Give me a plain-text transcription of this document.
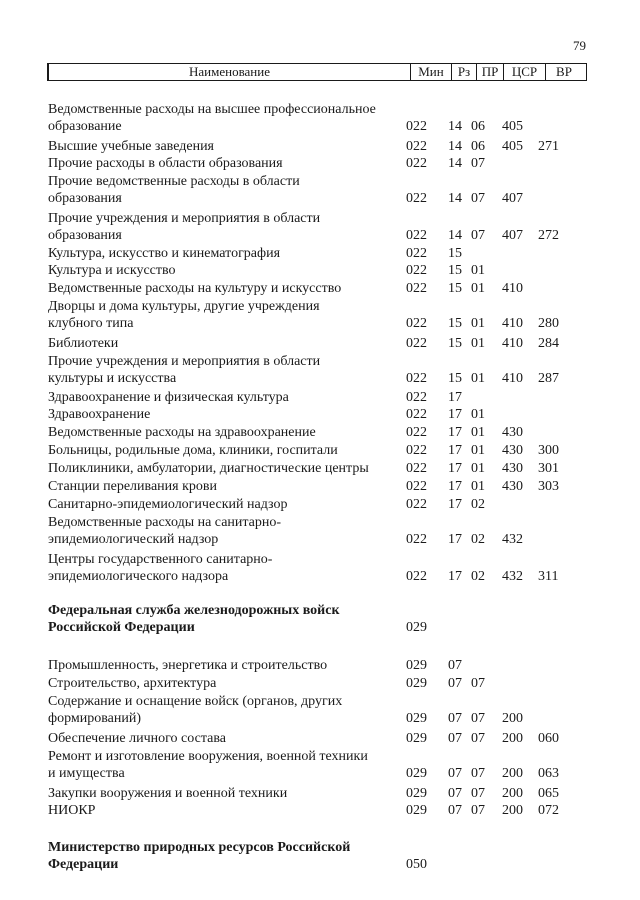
79
Наименование	Мин	Рз ПР	ЦСР	ВР
Ведомственные расходы на высшее профессиональное
образование	022 14 06 405
Высшие учебные заведения	022 14 06 405 271
Прочие расходы в области образования	022 14 07
Прочие ведомственные расходы в области
образования	022 14 07 407
Прочие учреждения и мероприятия в области
образования	022 14 07 407 272
Культура, искусство и кинематография	022 15
Культура и искусство	022 15 01
Ведомственные расходы на культуру и искусство	022 15 01 410
Дворцы и дома культуры, другие учреждения
клубного типа	022 15 01 410 280
Библиотеки	022 15 01 410 284
Прочие учреждения и мероприятия в области
культуры и искусства	022 15 01 410 287
Здравоохранение и физическая культура	022 17
Здравоохранение	022 17 01
Ведомственные расходы на здравоохранение	022 17 01 430
Больницы, родильные дома, клиники, госпитали	022 17 01 430 300
Поликлиники, амбулатории, диагностические центры	022 17 01 430 301
Станции переливания крови	022 17 01 430 303
Санитарно-эпидемиологический надзор	022 17 02
Ведомственные расходы на санитарно-
эпидемиологический надзор	022 17 02 432
Центры государственного санитарно-
эпидемиологического надзора	022 17 02 432 311
Федеральная служба железнодорожных войск
Российской Федерации	029
Промышленность, энергетика и строительство	029 07
Строительство, архитектура	029 07 07
Содержание и оснащение войск (органов, других
формирований)	029 07 07 200
Обеспечение личного состава	029 07 07 200 060
Ремонт и изготовление вооружения, военной техники
и имущества	029 07 07 200 063
Закупки вооружения и военной техники	029 07 07 200 065
НИОКР	029 07 07 200 072
Министерство природных ресурсов Российской
Федерации	050
